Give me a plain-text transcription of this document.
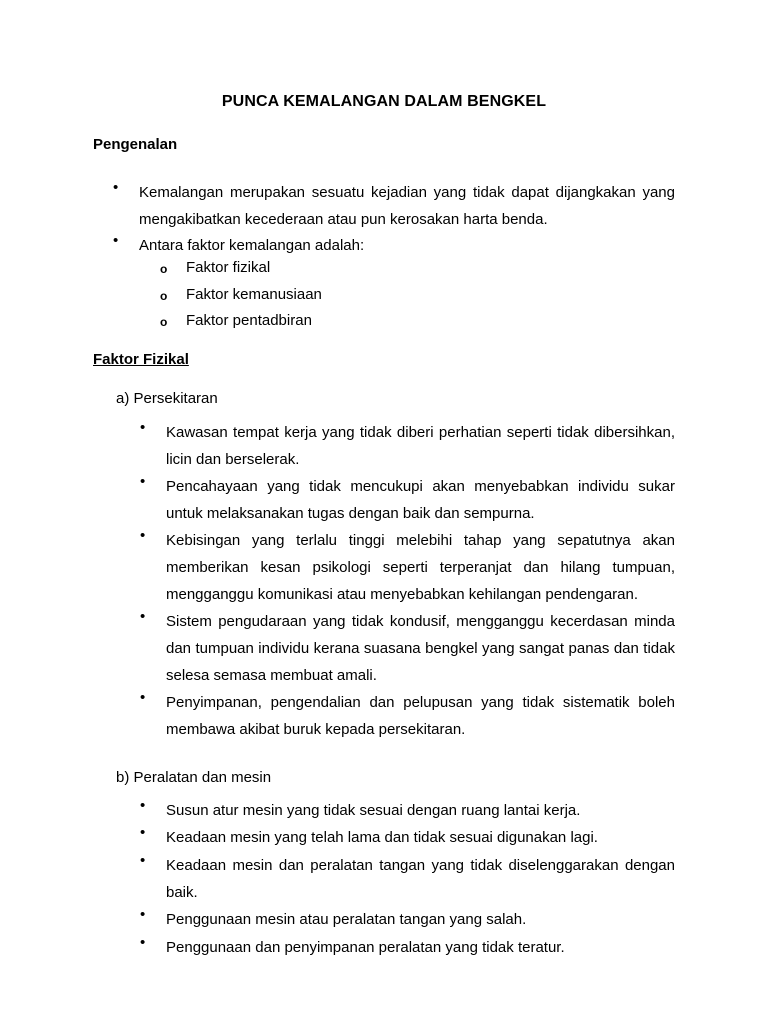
PUNCA KEMALANGAN DALAM BENGKEL
Pengenalan
• Kemalangan merupakan sesuatu kejadian yang tidak dapat dijangkakan yang mengakibatkan kecederaan atau pun kerosakan harta benda.
• Antara faktor kemalangan adalah:
o Faktor fizikal
o Faktor kemanusiaan
o Faktor pentadbiran
Faktor Fizikal
a) Persekitaran
• Kawasan tempat kerja yang tidak diberi perhatian seperti tidak dibersihkan, licin dan berselerak.
• Pencahayaan yang tidak mencukupi akan menyebabkan individu sukar untuk melaksanakan tugas dengan baik dan sempurna.
• Kebisingan yang terlalu tinggi melebihi tahap yang sepatutnya akan memberikan kesan psikologi seperti terperanjat dan hilang tumpuan, mengganggu komunikasi atau menyebabkan kehilangan pendengaran.
• Sistem pengudaraan yang tidak kondusif, mengganggu kecerdasan minda dan tumpuan individu kerana suasana bengkel yang sangat panas dan tidak selesa semasa membuat amali.
• Penyimpanan, pengendalian dan pelupusan yang tidak sistematik boleh membawa akibat buruk kepada persekitaran.
b) Peralatan dan mesin
• Susun atur mesin yang tidak sesuai dengan ruang lantai kerja.
• Keadaan mesin yang telah lama dan tidak sesuai digunakan lagi.
• Keadaan mesin dan peralatan tangan yang tidak diselenggarakan dengan baik.
• Penggunaan mesin atau peralatan tangan yang salah.
• Penggunaan dan penyimpanan peralatan yang tidak teratur.
